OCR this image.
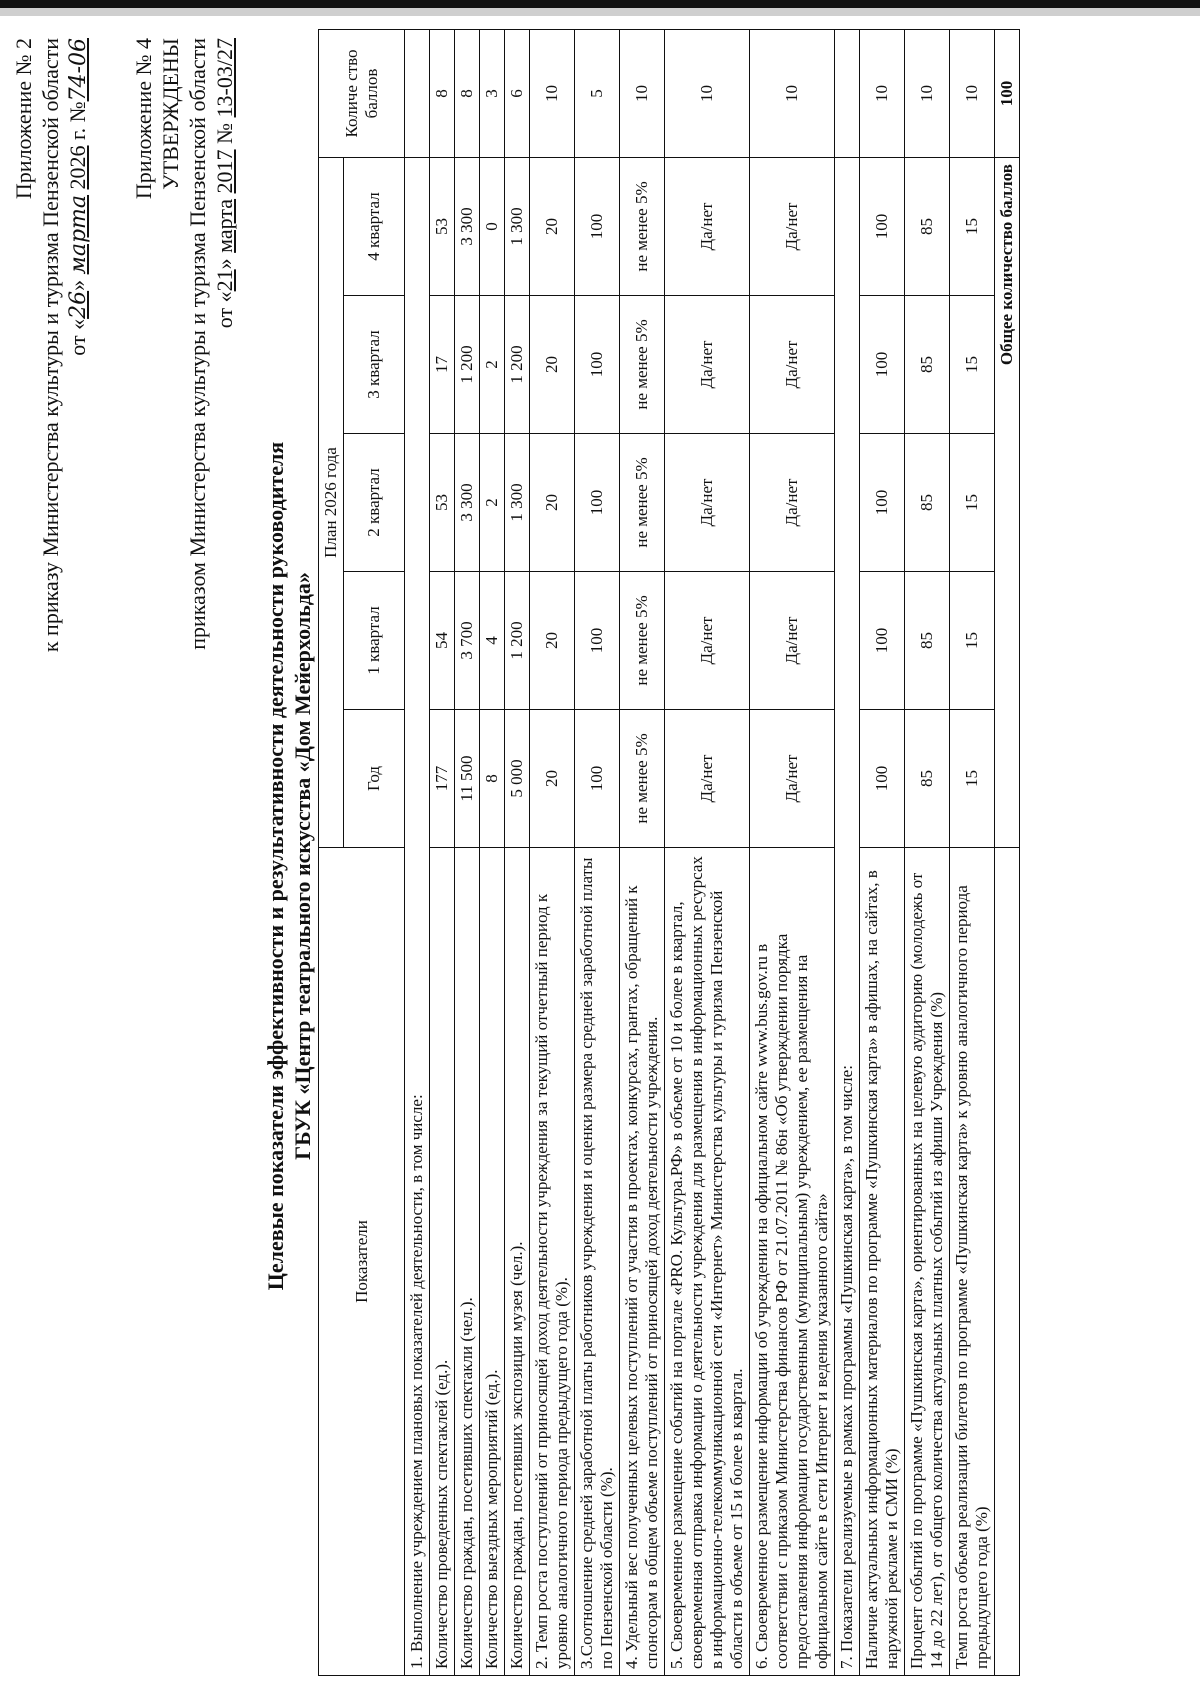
Приложение № 2 к приказу Министерства культуры и туризма Пензенской области от «26» марта 2026 г. №74-06 Приложение № 4 УТВЕРЖДЕНЫ приказом Министерства культуры и туризма Пензенской области от «21» марта 2017 № 13-03/27
Целевые показатели эффективности и результативности деятельности руководителя ГБУК «Центр театрального искусства «Дом Мейерхольда»
Показатели	План 2026 года					Количе ство баллов
	Год	1 квартал	2 квартал	3 квартал	4 квартал	
1. Выполнение учреждением плановых показателей деятельности, в том числе:						
Количество проведенных спектаклей (ед.).	177	54	53	17	53	8
Количество граждан, посетивших спектакли (чел.).	11 500	3 700	3 300	1 200	3 300	8
Количество выездных мероприятий (ед.).	8	4	2	2	0	3
Количество граждан, посетивших экспозиции музея (чел.).	5 000	1 200	1 300	1 200	1 300	6
2. Темп роста поступлений от приносящей доход деятельности учреждения за текущий отчетный период к уровню аналогичного периода предыдущего года (%).	20	20	20	20	20	10
3.Соотношение средней заработной платы работников учреждения и оценки размера средней заработной платы по Пензенской области (%).	100	100	100	100	100	5
4. Удельный вес полученных целевых поступлений от участия в проектах, конкурсах, грантах, обращений к спонсорам в общем объеме поступлений от приносящей доход деятельности учреждения.	не менее 5%	не менее 5%	не менее 5%	не менее 5%	не менее 5%	10
5. Своевременное размещение событий на портале «PRO. Культура.РФ» в объеме от 10 и более в квартал, своевременная отправка информации о деятельности учреждения для размещения в информационных ресурсах в информационно-телекоммуникационной сети «Интернет» Министерства культуры и туризма Пензенской области в объеме от 15 и более в квартал.	Да/нет	Да/нет	Да/нет	Да/нет	Да/нет	10
6. Своевременное размещение информации об учреждении на официальном сайте www.bus.gov.ru в соответствии с приказом Министерства финансов РФ от 21.07.2011 № 86н «Об утверждении порядка предоставления информации государственным (муниципальным) учреждением, ее размещения на официальном сайте в сети Интернет и ведения указанного сайта»	Да/нет	Да/нет	Да/нет	Да/нет	Да/нет	10
7. Показатели реализуемые в рамках программы «Пушкинская карта», в том числе:						
Наличие актуальных информационных материалов по программе «Пушкинская карта» в афишах, на сайтах, в наружной рекламе и СМИ (%)	100	100	100	100	100	10
Процент событий по программе «Пушкинская карта», ориентированных на целевую аудиторию (молодежь от 14 до 22 лет), от общего количества актуальных платных событий из афиши Учреждения (%)	85	85	85	85	85	10
Темп роста объема реализации билетов по программе «Пушкинская карта» к уровню аналогичного периода предыдущего года (%)	15	15	15	15	15	10
	Общее количество баллов					100
